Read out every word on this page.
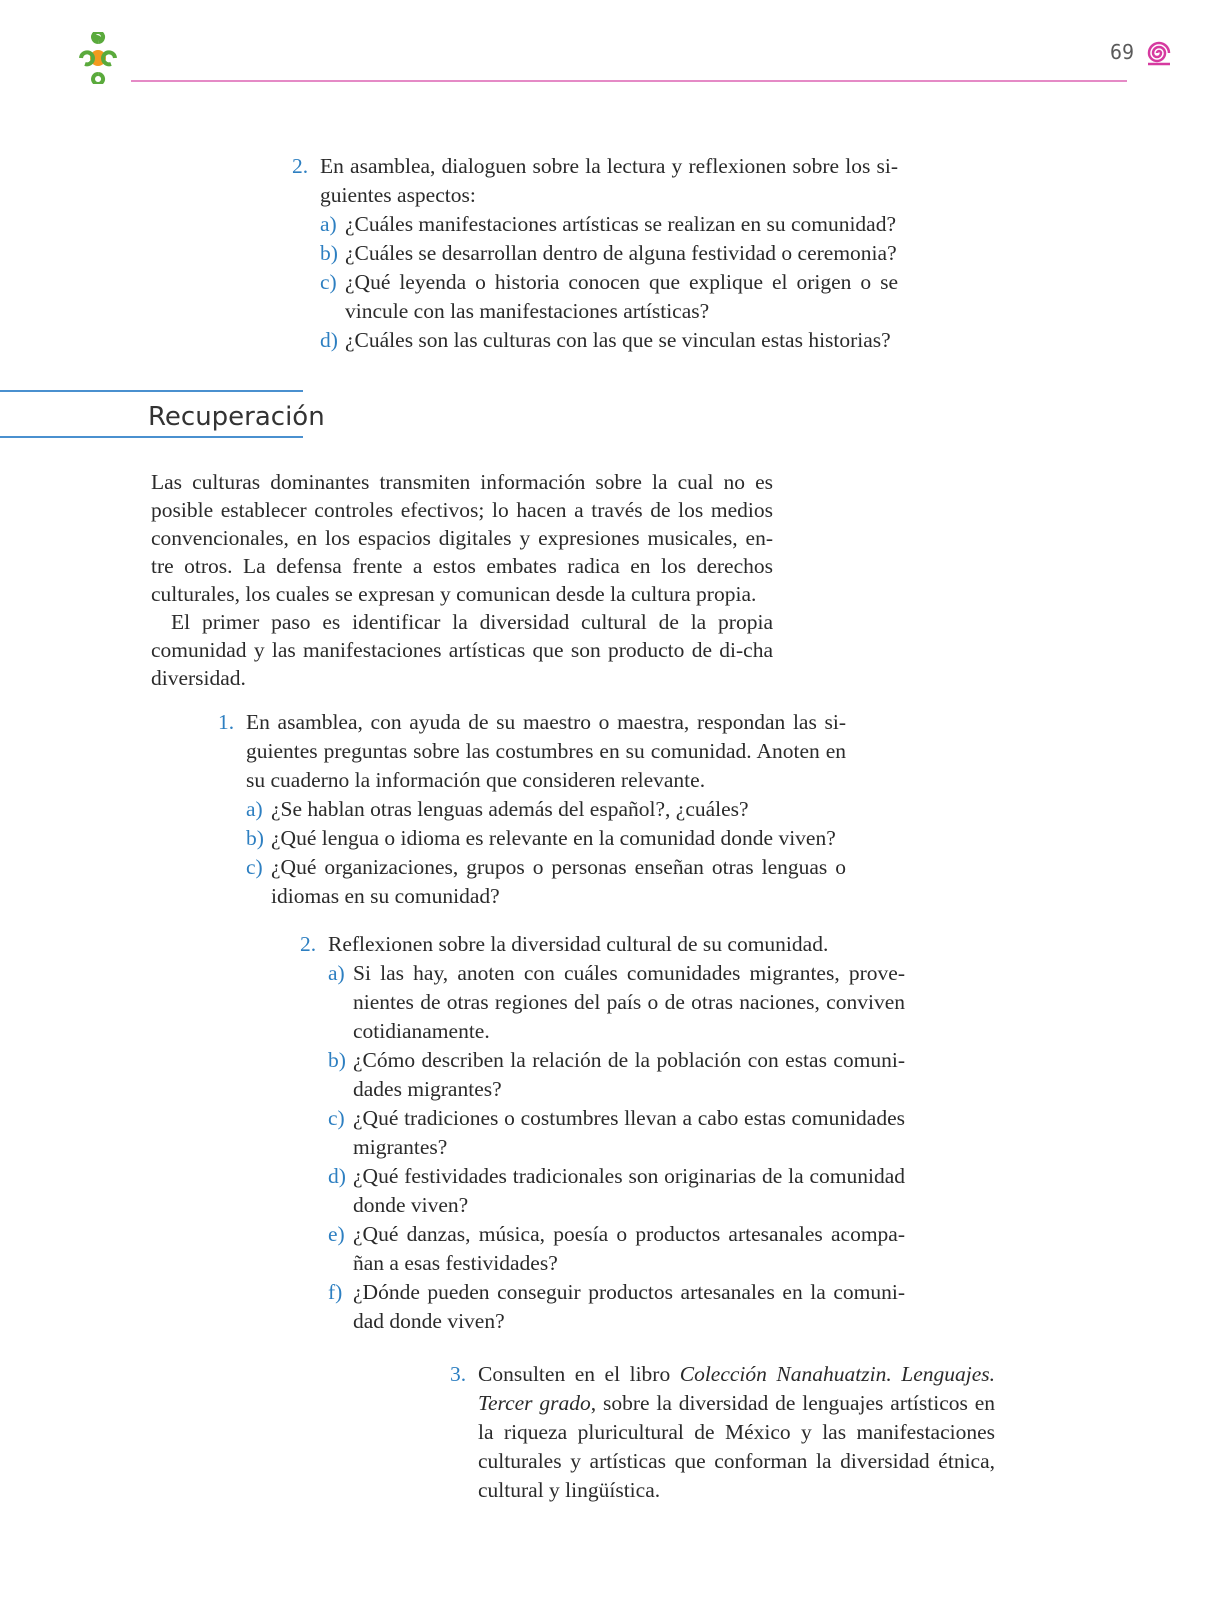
69
2. En asamblea, dialoguen sobre la lectura y reflexionen sobre los si-guientes aspectos:
a) ¿Cuáles manifestaciones artísticas se realizan en su comunidad?
b) ¿Cuáles se desarrollan dentro de alguna festividad o ceremonia?
c) ¿Qué leyenda o historia conocen que explique el origen o se vincule con las manifestaciones artísticas?
d) ¿Cuáles son las culturas con las que se vinculan estas historias?
Recuperación

Las culturas dominantes transmiten información sobre la cual no es posible establecer controles efectivos; lo hacen a través de los medios convencionales, en los espacios digitales y expresiones musicales, en-tre otros. La defensa frente a estos embates radica en los derechos culturales, los cuales se expresan y comunican desde la cultura propia.

El primer paso es identificar la diversidad cultural de la propia comunidad y las manifestaciones artísticas que son producto de di-cha diversidad.

1. En asamblea, con ayuda de su maestro o maestra, respondan las si-guientes preguntas sobre las costumbres en su comunidad. Anoten en su cuaderno la información que consideren relevante.
a) ¿Se hablan otras lenguas además del español?, ¿cuáles?
b) ¿Qué lengua o idioma es relevante en la comunidad donde viven?
c) ¿Qué organizaciones, grupos o personas enseñan otras lenguas o idiomas en su comunidad?
2. Reflexionen sobre la diversidad cultural de su comunidad.
a) Si las hay, anoten con cuáles comunidades migrantes, prove-nientes de otras regiones del país o de otras naciones, conviven cotidianamente.
b) ¿Cómo describen la relación de la población con estas comuni-dades migrantes?
c) ¿Qué tradiciones o costumbres llevan a cabo estas comunidades migrantes?
d) ¿Qué festividades tradicionales son originarias de la comunidad donde viven?
e) ¿Qué danzas, música, poesía o productos artesanales acompa-ñan a esas festividades?
f) ¿Dónde pueden conseguir productos artesanales en la comuni-dad donde viven?
3. Consulten en el libro Colección Nanahuatzin. Lenguajes. Tercer grado, sobre la diversidad de lenguajes artísticos en la riqueza pluricultural de México y las manifestaciones culturales y artísticas que conforman la diversidad étnica, cultural y lingüística.
